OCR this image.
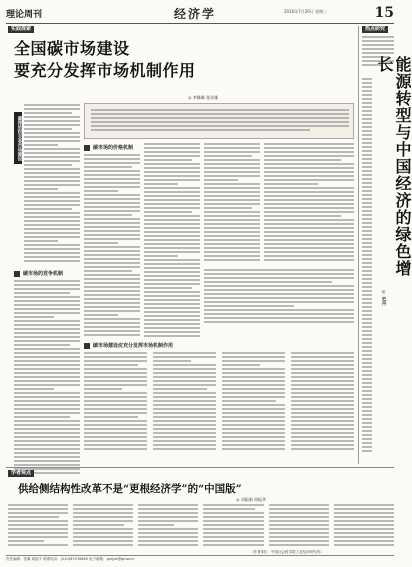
理论周刊	经济学	2016年7月20日 星期三	15
实践探索
全国碳市场建设
要充分发挥市场机制作用
◎ 李继峰 张亚雄
碳排放权交易市场建设	碳市场的价格机制
碳市场的竞争机制
碳市场建设应充分发挥市场机制作用
热点研究
能源转型与中国经济的绿色增长
◎ 史丹
学者观点
供给侧结构性改革不是“更根经济学”的“中国版”
◎ 刘振刚 周振华
（作者单位：中国社会科学院工业经济研究所）
责任编辑：张翼 周振宇 联系电话：(010)67078865 电子邮箱：gmjjxt@gmw.cn
